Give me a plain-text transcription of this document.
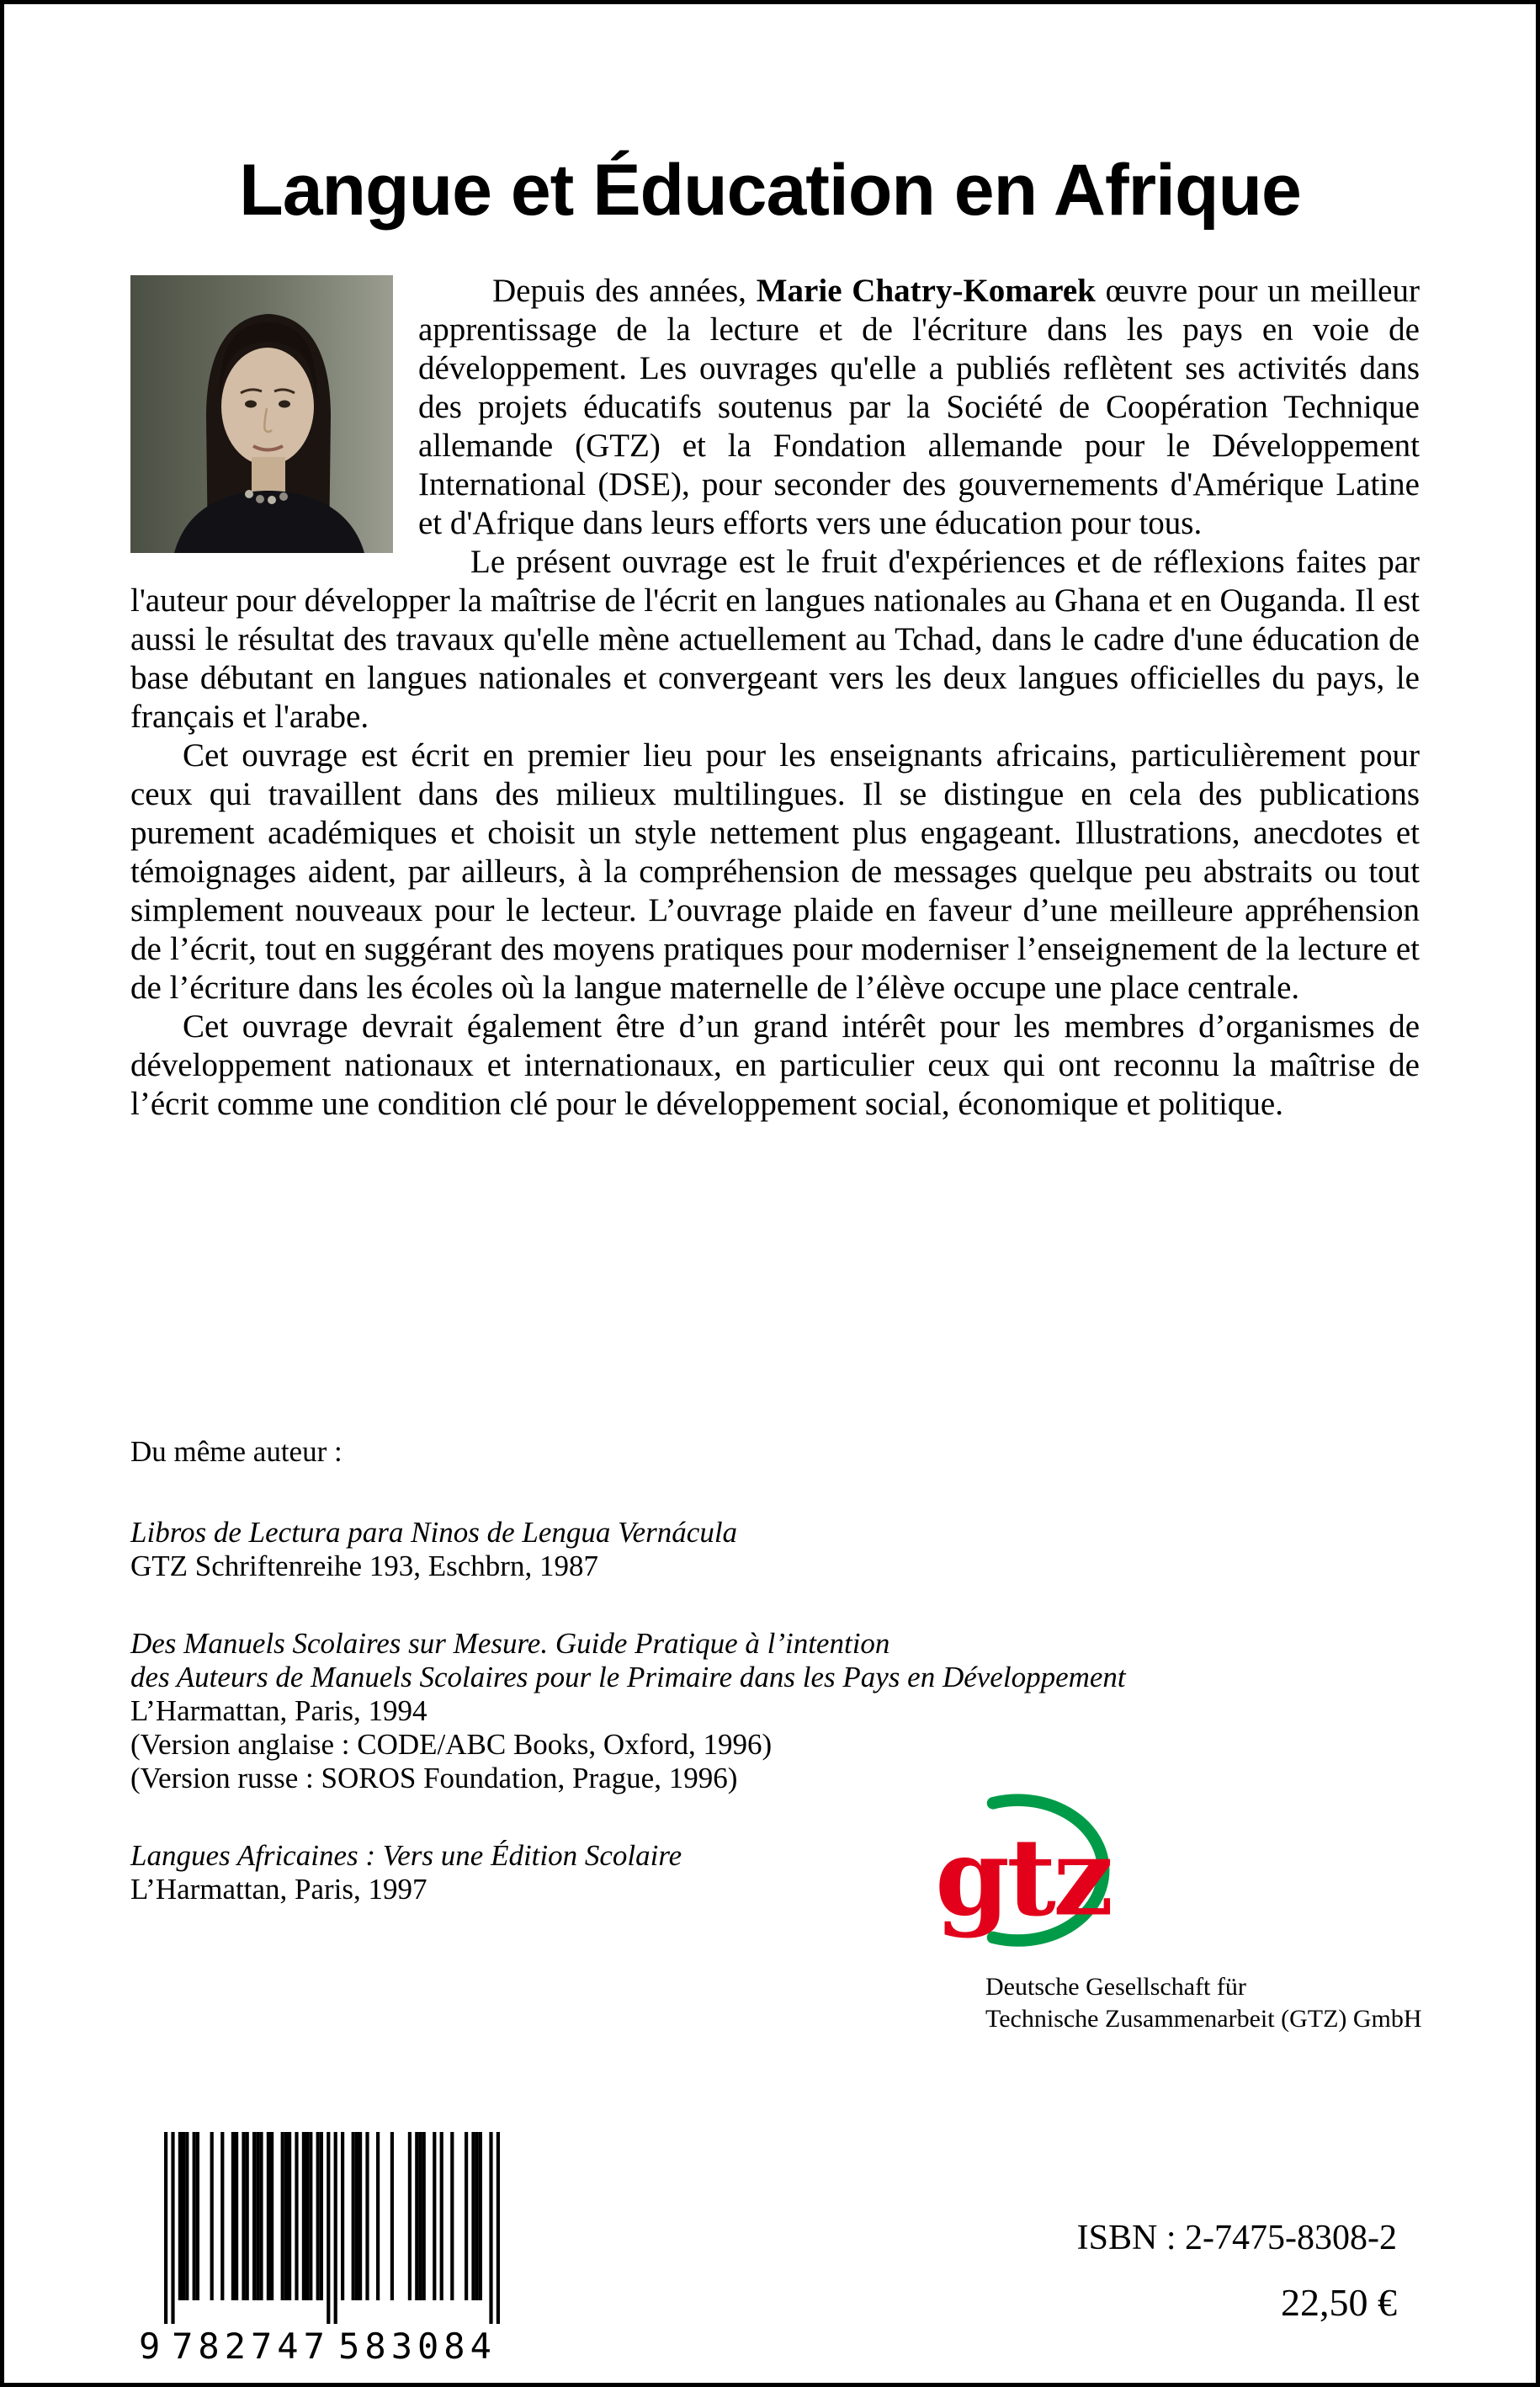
Langue et Éducation en Afrique

Depuis des années, Marie Chatry-Komarek œuvre pour un meilleur apprentissage de la lecture et de l'écriture dans les pays en voie de développement. Les ouvrages qu'elle a publiés reflètent ses activités dans des projets éducatifs soutenus par la Société de Coopération Technique allemande (GTZ) et la Fondation allemande pour le Développement International (DSE), pour seconder des gouvernements d'Amérique Latine et d'Afrique dans leurs efforts vers une éducation pour tous.

Le présent ouvrage est le fruit d'expériences et de réflexions faites par l'auteur pour développer la maîtrise de l'écrit en langues nationales au Ghana et en Ouganda. Il est aussi le résultat des travaux qu'elle mène actuellement au Tchad, dans le cadre d'une éducation de base débutant en langues nationales et convergeant vers les deux langues officielles du pays, le français et l'arabe.

Cet ouvrage est écrit en premier lieu pour les enseignants africains, particulièrement pour ceux qui travaillent dans des milieux multilingues. Il se distingue en cela des publications purement académiques et choisit un style nettement plus engageant. Illustrations, anecdotes et témoignages aident, par ailleurs, à la compréhension de messages quelque peu abstraits ou tout simplement nouveaux pour le lecteur. L’ouvrage plaide en faveur d’une meilleure appréhension de l’écrit, tout en suggérant des moyens pratiques pour moderniser l’enseignement de la lecture et de l’écriture dans les écoles où la langue maternelle de l’élève occupe une place centrale.

Cet ouvrage devrait également être d’un grand intérêt pour les membres d’organismes de développement nationaux et internationaux, en particulier ceux qui ont reconnu la maîtrise de l’écrit comme une condition clé pour le développement social, économique et politique.

Du même auteur :
Libros de Lectura para Ninos de Lengua Vernácula
GTZ Schriftenreihe 193, Eschbrn, 1987
Des Manuels Scolaires sur Mesure. Guide Pratique à l’intention
des Auteurs de Manuels Scolaires pour le Primaire dans les Pays en Développement
L’Harmattan, Paris, 1994
(Version anglaise : CODE/ABC Books, Oxford, 1996)
(Version russe : SOROS Foundation, Prague, 1996)
Langues Africaines : Vers une Édition Scolaire
L’Harmattan, Paris, 1997	gtz
Deutsche Gesellschaft für
Technische Zusammenarbeit (GTZ) GmbH
9 782747 583084
ISBN : 2-7475-8308-2
22,50 €
